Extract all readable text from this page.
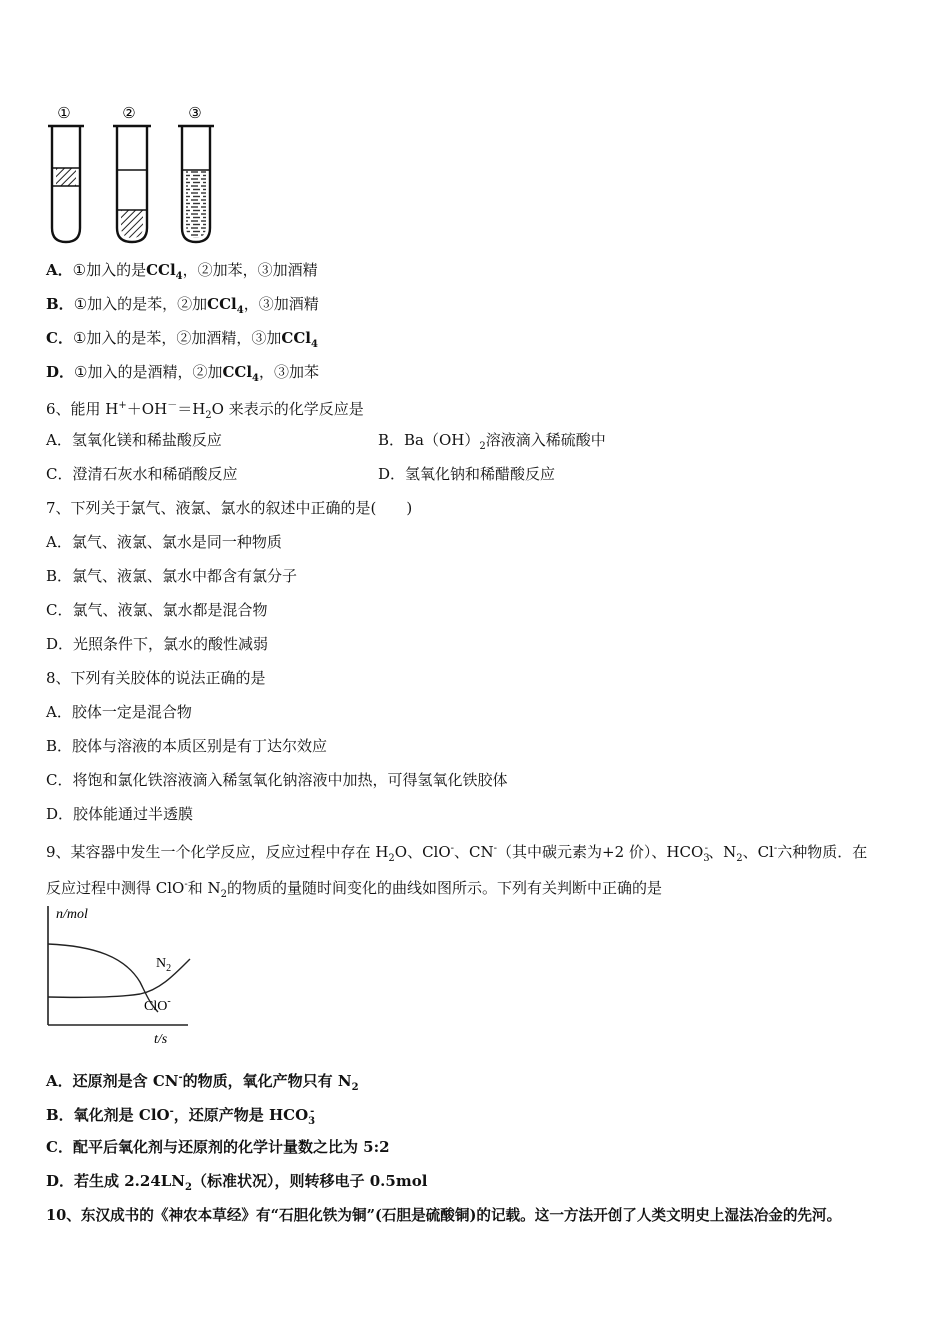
①	②	③
A．①加入的是CCl$_4$，②加苯，③加酒精
B．①加入的是苯，②加CCl$_4$，③加酒精
C．①加入的是苯，②加酒精，③加CCl$_4$
D．①加入的是酒精，②加CCl$_4$，③加苯
6、能用 $H^++OH^-=H_2O$ 来表示的化学反应是
A．氢氧化镁和稀盐酸反应	B．$Ba(OH)_2$溶液滴入稀硫酸中
C．澄清石灰水和稀硝酸反应	D．氢氧化钠和稀醋酸反应
7、下列关于氯气、液氯、氯水的叙述中正确的是(　　)
A．氯气、液氯、氯水是同一种物质
B．氯气、液氯、氯水中都含有氯分子
C．氯气、液氯、氯水都是混合物
D．光照条件下，氯水的酸性减弱
8、下列有关胶体的说法正确的是
A．胶体一定是混合物
B．胶体与溶液的本质区别是有丁达尔效应
C．将饱和氯化铁溶液滴入稀氢氧化钠溶液中加热，可得氢氧化铁胶体
D．胶体能通过半透膜
9、某容器中发生一个化学反应，反应过程中存在 $H_2O$、ClO-、CN-（其中碳元素为+2 价）、$HCO_3^-$、$N_2$、Cl-六种物质．在
反应过程中测得 ClO-和 $N_2$的物质的量随时间变化的曲线如图所示。下列有关判断中正确的是
n/mol
$N_2$
ClO-
t/s
A．还原剂是含 CN-的物质，氧化产物只有 $N_2$
B．氧化剂是 ClO-，还原产物是 $HCO_3^-$
C．配平后氧化剂与还原剂的化学计量数之比为 5:2
D．若生成 $2.24LN_2$（标准状况），则转移电子 0.5mol
10、东汉成书的《神农本草经》有“石胆化铁为铜”(石胆是硫酸铜)的记载。这一方法开创了人类文明史上湿法冶金的先河。
